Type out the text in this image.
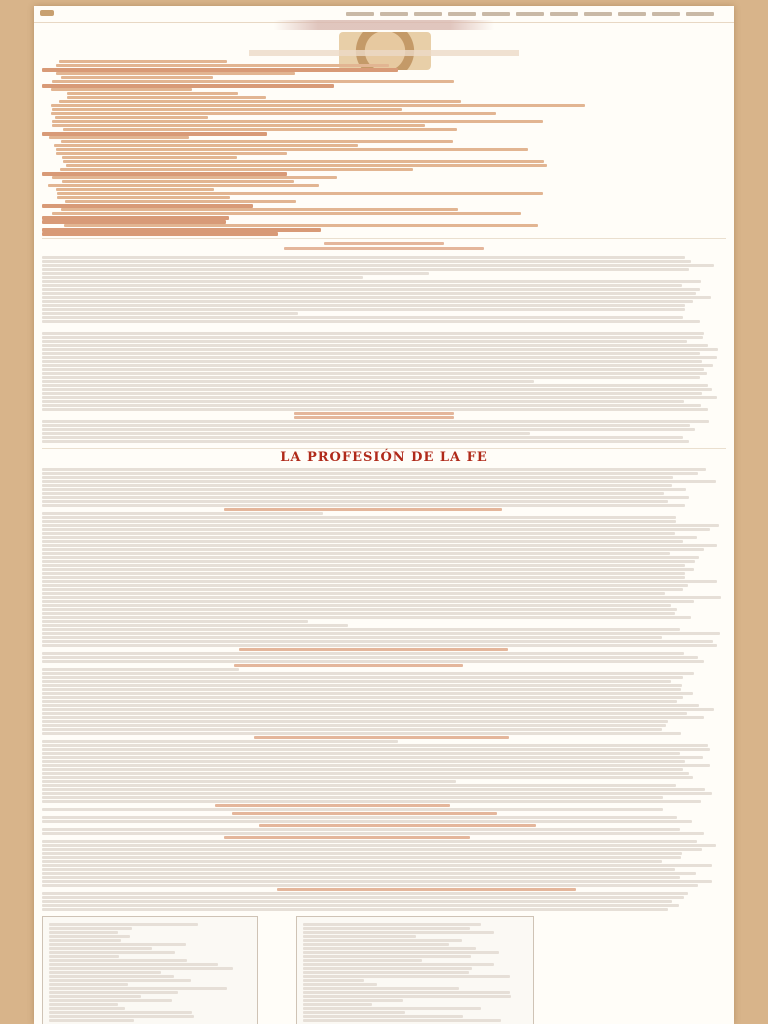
LA PROFESIÓN DE LA FE
